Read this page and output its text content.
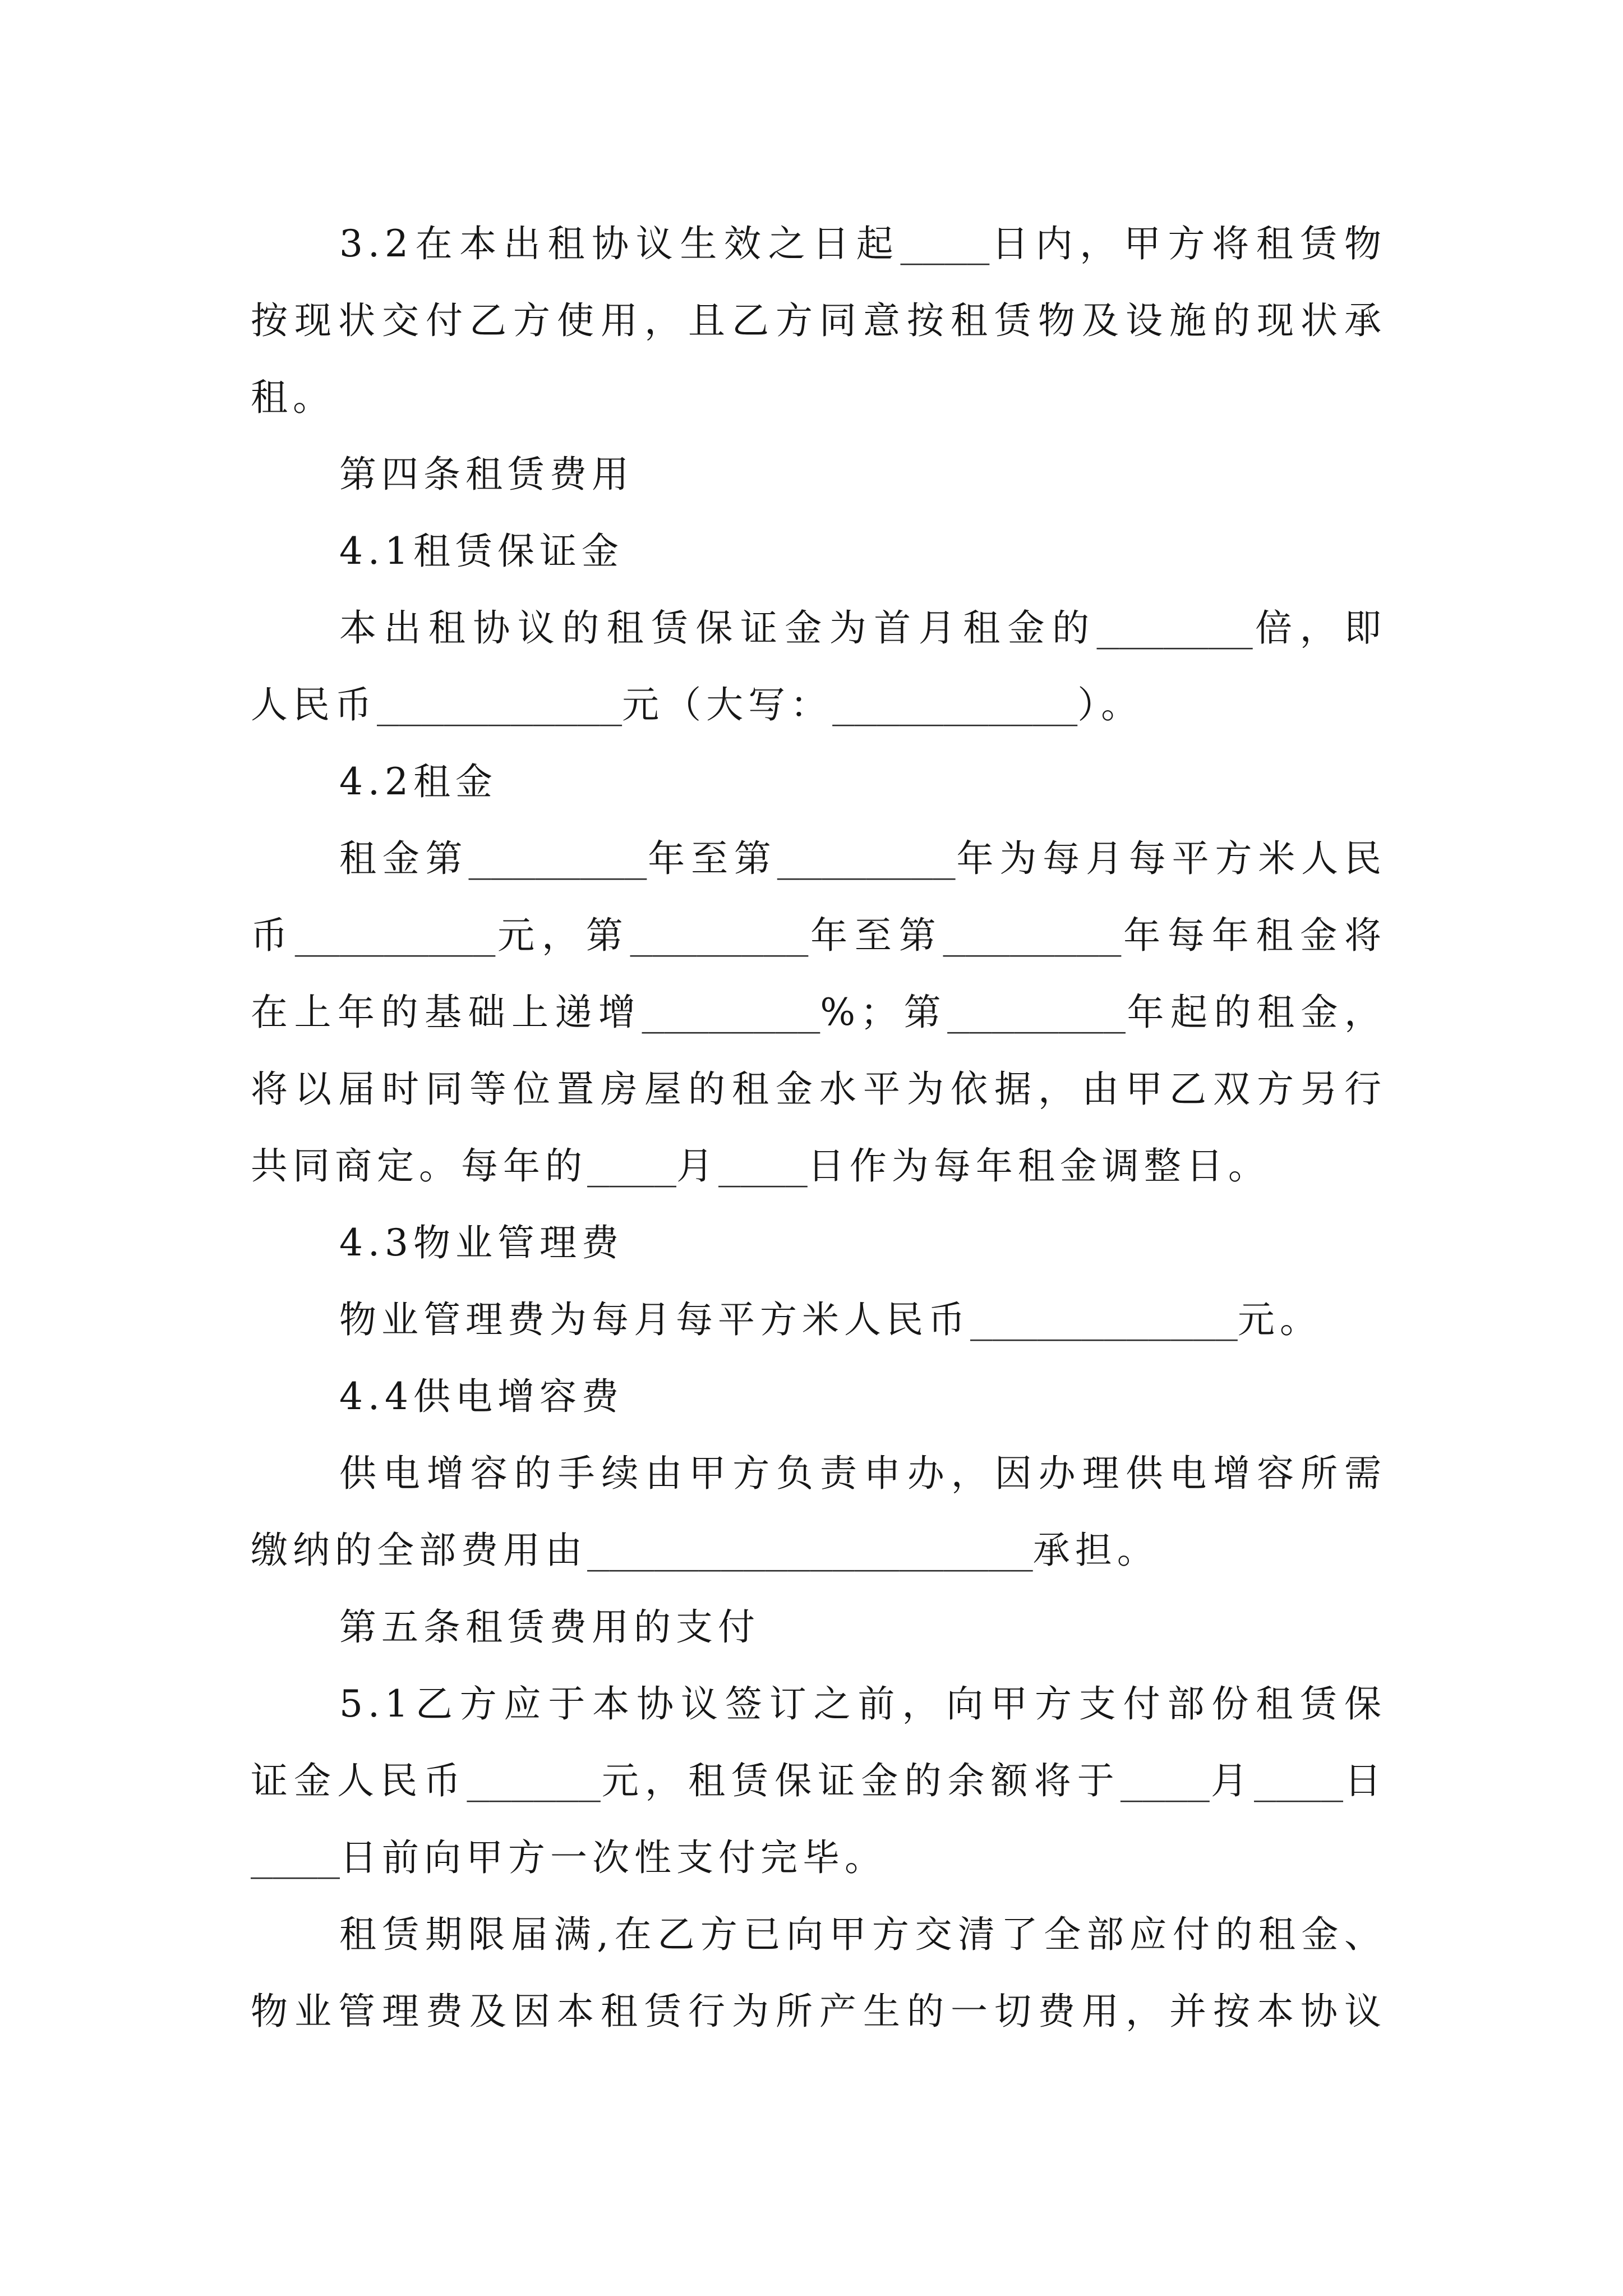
3.2在本出租协议生效之日起____日内，甲方将租赁物
按现状交付乙方使用，且乙方同意按租赁物及设施的现状承
租。
第四条租赁费用
4.1租赁保证金
本出租协议的租赁保证金为首月租金的_______倍，即
人民币___________元（大写：___________）。
4.2租金
租金第________年至第________年为每月每平方米人民
币_________元，第________年至第________年每年租金将
在上年的基础上递增________%；第________年起的租金，
将以届时同等位置房屋的租金水平为依据，由甲乙双方另行
共同商定。每年的____月____日作为每年租金调整日。
4.3物业管理费
物业管理费为每月每平方米人民币____________元。
4.4供电增容费
供电增容的手续由甲方负责申办，因办理供电增容所需
缴纳的全部费用由____________________承担。
第五条租赁费用的支付
5.1乙方应于本协议签订之前，向甲方支付部份租赁保
证金人民币______元，租赁保证金的余额将于____月____日
____日前向甲方一次性支付完毕。
租赁期限届满,在乙方已向甲方交清了全部应付的租金、
物业管理费及因本租赁行为所产生的一切费用，并按本协议
